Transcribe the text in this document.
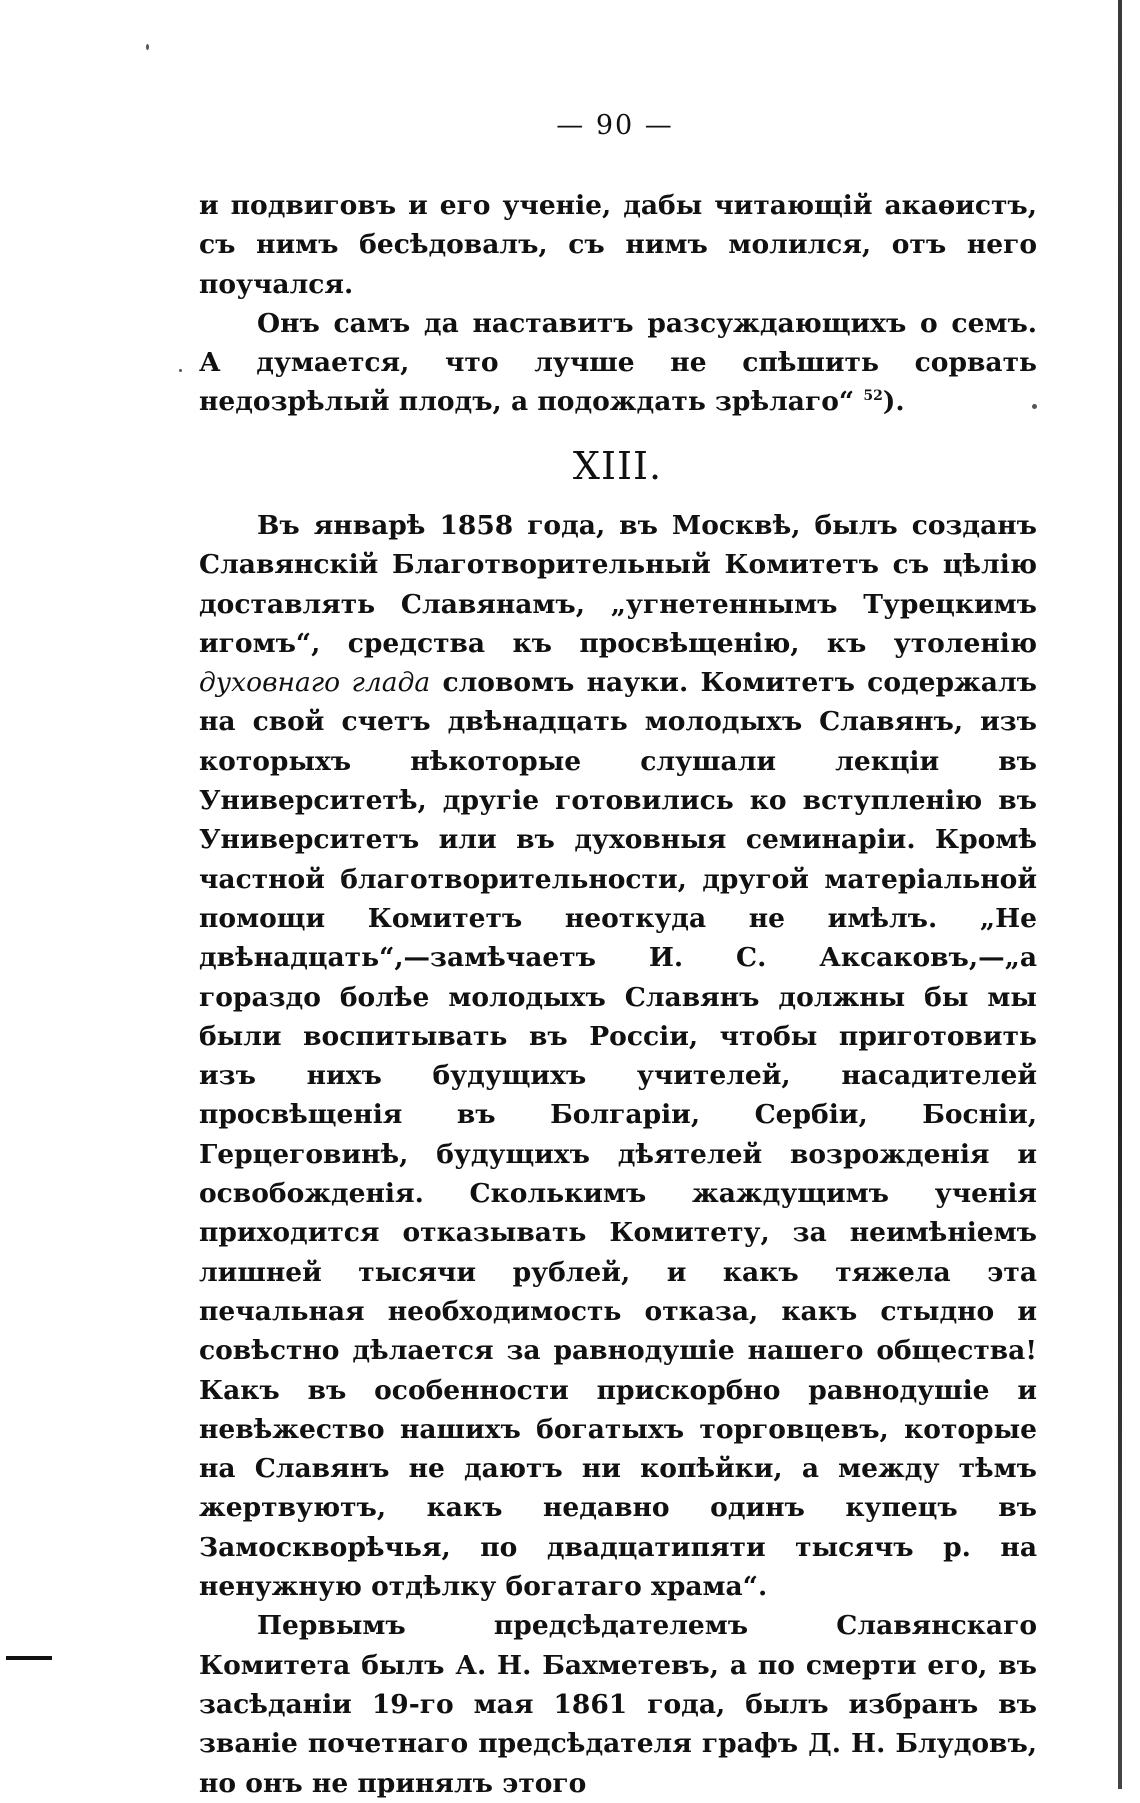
— 90 —

и подвиговъ и его ученіе, дабы читающій акаѳистъ, съ нимъ бесѣдовалъ, съ нимъ молился, отъ него поучался.

Онъ самъ да наставитъ разсуждающихъ о семъ. А думается, что лучше не спѣшить сорвать недозрѣлый плодъ, а подождать зрѣлаго“ $^{52}$).

XIII.

Въ январѣ 1858 года, въ Москвѣ, былъ созданъ Славянскій Благотворительный Комитетъ съ цѣлію доставлять Славянамъ, „угнетеннымъ Турецкимъ игомъ“, средства къ просвѣщенію, къ утоленію духовнаго глада словомъ науки. Комитетъ содержалъ на свой счетъ двѣнадцать молодыхъ Славянъ, изъ которыхъ нѣкоторые слушали лекціи въ Университетѣ, другіе готовились ко вступленію въ Университетъ или въ духовныя семинаріи. Кромѣ частной благотворительности, другой матеріальной помощи Комитетъ неоткуда не имѣлъ. „Не двѣнадцать“,—замѣчаетъ И. С. Аксаковъ,—„а гораздо болѣе молодыхъ Славянъ должны бы мы были воспитывать въ Россіи, чтобы приготовить изъ нихъ будущихъ учителей, насадителей просвѣщенія въ Болгаріи, Сербіи, Босніи, Герцеговинѣ, будущихъ дѣятелей возрожденія и освобожденія. Сколькимъ жаждущимъ ученія приходится отказывать Комитету, за неимѣніемъ лишней тысячи рублей, и какъ тяжела эта печальная необходимость отказа, какъ стыдно и совѣстно дѣлается за равнодушіе нашего общества! Какъ въ особенности прискорбно равнодушіе и невѣжество нашихъ богатыхъ торговцевъ, которые на Славянъ не даютъ ни копѣйки, а между тѣмъ жертвуютъ, какъ недавно одинъ купецъ въ Замоскворѣчья, по двадцатипяти тысячъ р. на ненужную отдѣлку богатаго храма“.

Первымъ предсѣдателемъ Славянскаго Комитета былъ А. Н. Бахметевъ, а по смерти его, въ засѣданіи 19-го мая 1861 года, былъ избранъ въ званіе почетнаго предсѣдателя графъ Д. Н. Блудовъ, но онъ не принялъ этого
